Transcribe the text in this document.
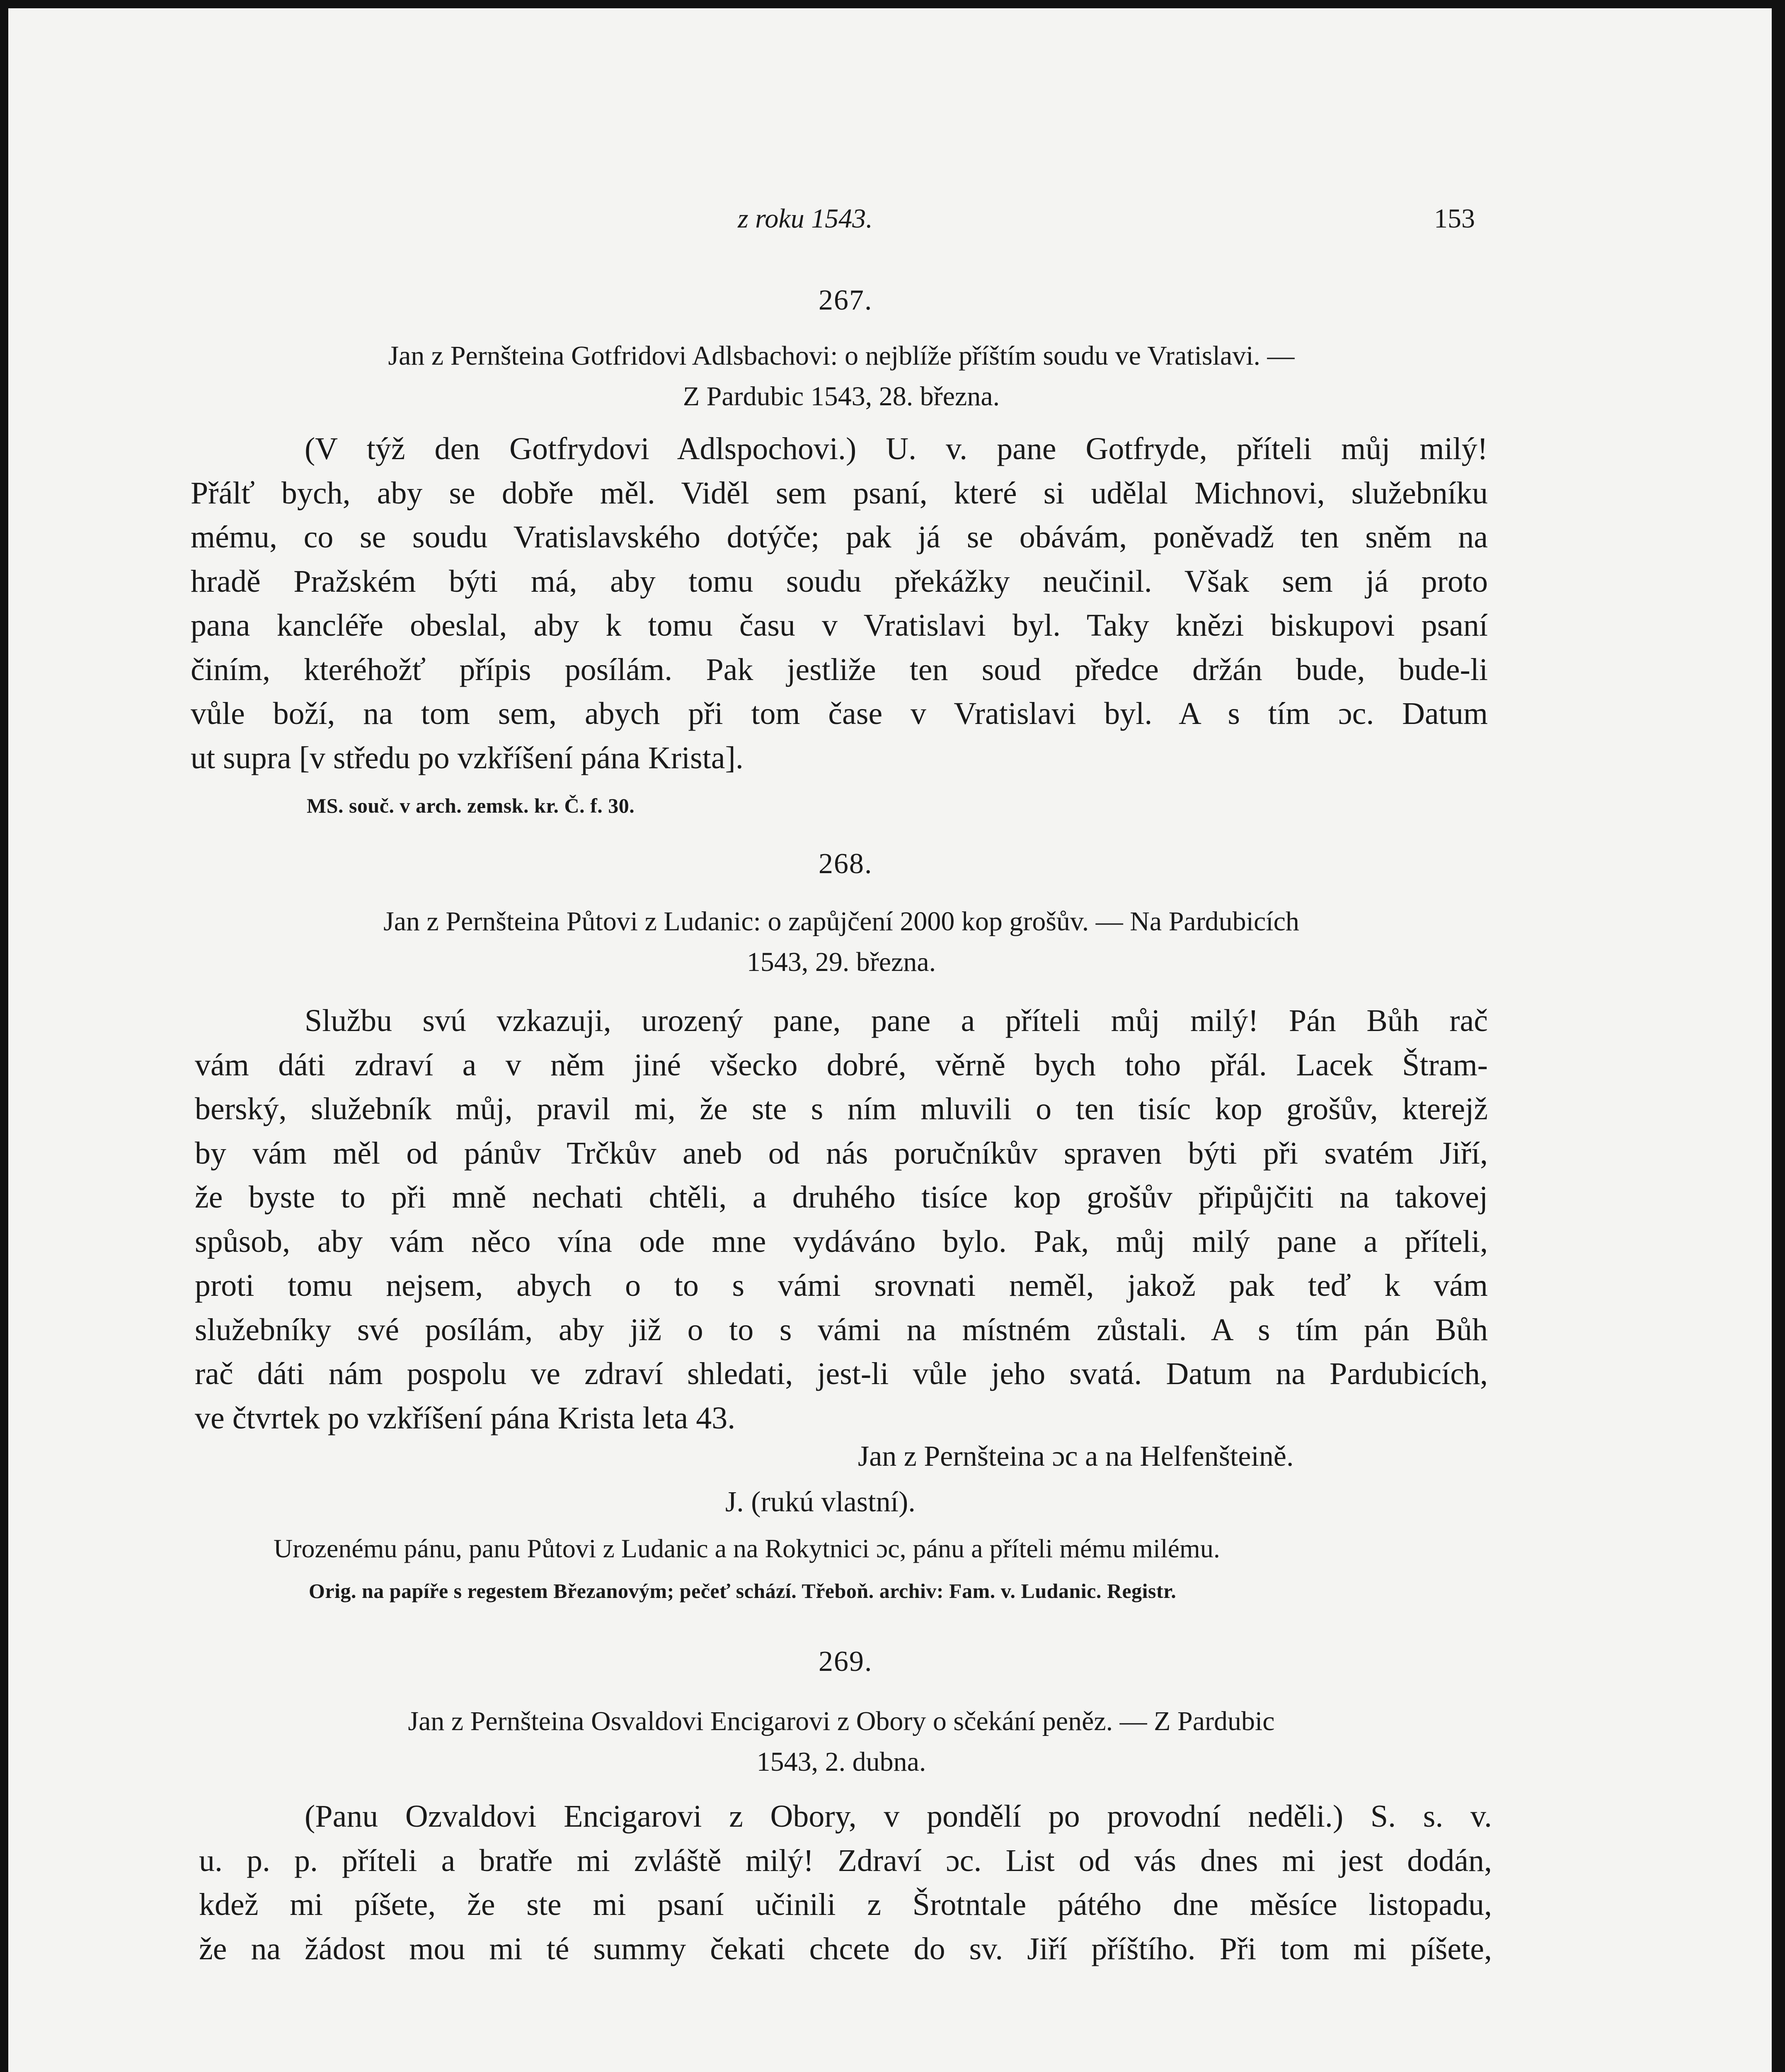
z roku 1543.	153

267.

Jan z Pernšteina Gotfridovi Adlsbachovi: o nejblíže příštím soudu ve Vratislavi. —
Z Pardubic 1543, 28. března.
(V týž den Gotfrydovi Adlspochovi.) U. v. pane Gotfryde, příteli můj milý!
Přálť bych, aby se dobře měl. Viděl sem psaní, které si udělal Michnovi, služebníku
mému, co se soudu Vratislavského dotýče; pak já se obávám, poněvadž ten sněm na
hradě Pražském býti má, aby tomu soudu překážky neučinil. Však sem já proto
pana kancléře obeslal, aby k tomu času v Vratislavi byl. Taky knězi biskupovi psaní
činím, kteréhožť přípis posílám. Pak jestliže ten soud předce držán bude, bude-li
vůle boží, na tom sem, abych při tom čase v Vratislavi byl. A s tím ɔc. Datum
ut supra [v středu po vzkříšení pána Krista].

MS. souč. v arch. zemsk. kr. Č. f. 30.

268.

Jan z Pernšteina Půtovi z Ludanic: o zapůjčení 2000 kop grošův. — Na Pardubicích
1543, 29. března.
Službu svú vzkazuji, urozený pane, pane a příteli můj milý! Pán Bůh rač
vám dáti zdraví a v něm jiné všecko dobré, věrně bych toho přál. Lacek Štram-
berský, služebník můj, pravil mi, že ste s ním mluvili o ten tisíc kop grošův, kterejž
by vám měl od pánův Trčkův aneb od nás poručníkův spraven býti při svatém Jiří,
že byste to při mně nechati chtěli, a druhého tisíce kop grošův připůjčiti na takovej
spůsob, aby vám něco vína ode mne vydáváno bylo. Pak, můj milý pane a příteli,
proti tomu nejsem, abych o to s vámi srovnati neměl, jakož pak teď k vám
služebníky své posílám, aby již o to s vámi na místném zůstali. A s tím pán Bůh
rač dáti nám pospolu ve zdraví shledati, jest-li vůle jeho svatá. Datum na Pardubicích,
ve čtvrtek po vzkříšení pána Krista leta 43.

Jan z Pernšteina ɔc a na Helfenšteině.

J. (rukú vlastní).

Urozenému pánu, panu Půtovi z Ludanic a na Rokytnici ɔc, pánu a příteli mému milému.

Orig. na papíře s regestem Březanovým; pečeť schází. Třeboň. archiv: Fam. v. Ludanic. Registr.

269.

Jan z Pernšteina Osvaldovi Encigarovi z Obory o sčekání peněz. — Z Pardubic
1543, 2. dubna.
(Panu Ozvaldovi Encigarovi z Obory, v pondělí po provodní neděli.) S. s. v.
u. p. p. příteli a bratře mi zvláště milý! Zdraví ɔc. List od vás dnes mi jest dodán,
kdež mi píšete, že ste mi psaní učinili z Šrotntale pátého dne měsíce listopadu,
že na žádost mou mi té summy čekati chcete do sv. Jiří příštího. Při tom mi píšete,
